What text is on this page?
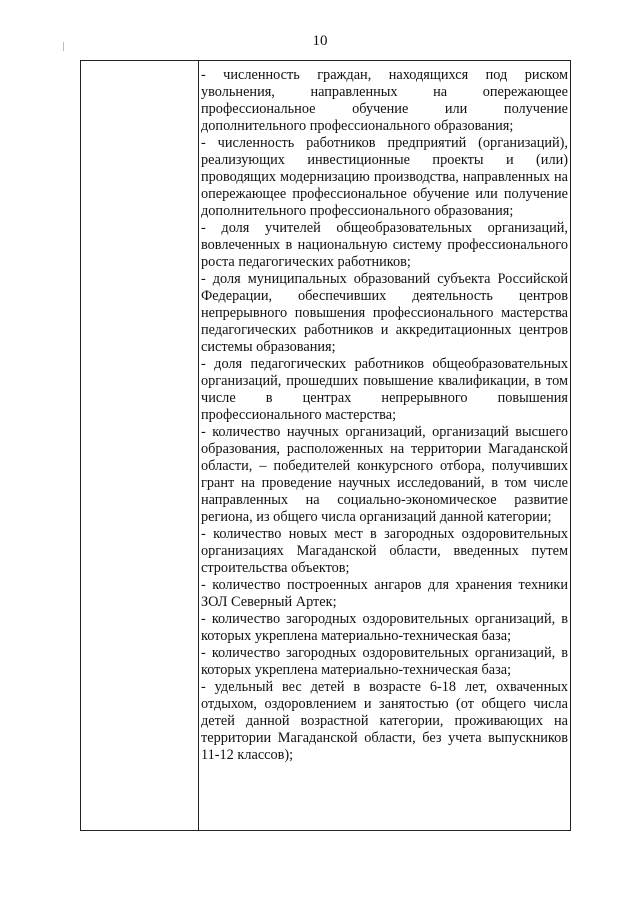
10

- численность граждан, находящихся под риском увольнения, направленных на опережающее профессиональное обучение или получение дополнительного профессионального образования;

- численность работников предприятий (организаций), реализующих инвестиционные проекты и (или) проводящих модернизацию производства, направленных на опережающее профессиональное обучение или получение дополнительного профессионального образования;

- доля учителей общеобразовательных организаций, вовлеченных в национальную систему профессионального роста педагогических работников;

- доля муниципальных образований субъекта Российской Федерации, обеспечивших деятельность центров непрерывного повышения профессионального мастерства педагогических работников и аккредитационных центров системы образования;

- доля педагогических работников общеобразовательных организаций, прошедших повышение квалификации, в том числе в центрах непрерывного повышения профессионального мастерства;

- количество научных организаций, организаций высшего образования, расположенных на территории Магаданской области, – победителей конкурсного отбора, получивших грант на проведение научных исследований, в том числе направленных на социально-экономическое развитие региона, из общего числа организаций данной категории;

- количество новых мест в загородных оздоровительных организациях Магаданской области, введенных путем строительства объектов;

- количество построенных ангаров для хранения техники ЗОЛ Северный Артек;

- количество загородных оздоровительных организаций, в которых укреплена материально-техническая база;

- количество загородных оздоровительных организаций, в которых укреплена материально-техническая база;

- удельный вес детей в возрасте 6-18 лет, охваченных отдыхом, оздоровлением и занятостью (от общего числа детей данной возрастной категории, проживающих на территории Магаданской области, без учета выпускников 11-12 классов);
